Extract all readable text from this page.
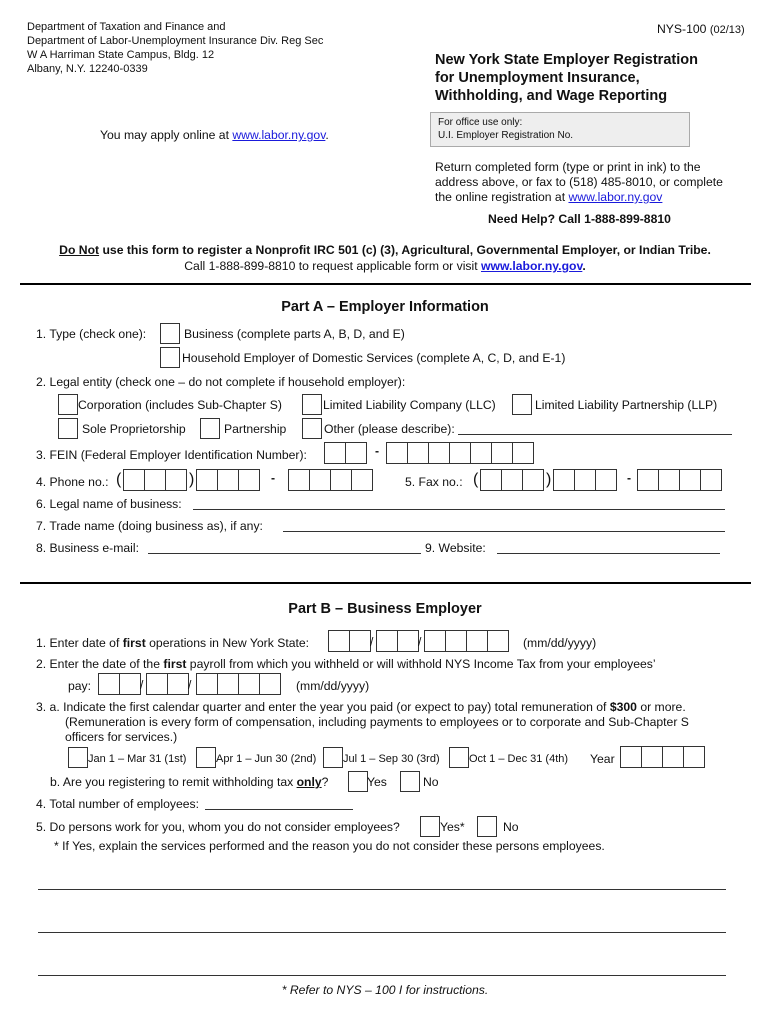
Department of Taxation and Finance and
Department of Labor-Unemployment Insurance Div. Reg Sec
W A Harriman State Campus, Bldg. 12
Albany, N.Y. 12240-0339
NYS-100 (02/13)
New York State Employer Registration
for Unemployment Insurance,
Withholding, and Wage Reporting
You may apply online at www.labor.ny.gov.
For office use only:
U.I. Employer Registration No.
Return completed form (type or print in ink) to the
address above, or fax to (518) 485-8010, or complete
the online registration at www.labor.ny.gov
Need Help? Call 1-888-899-8810
Do Not use this form to register a Nonprofit IRC 501 (c) (3), Agricultural, Governmental Employer, or Indian Tribe.
Call 1-888-899-8810 to request applicable form or visit www.labor.ny.gov.
Part A – Employer Information
1. Type (check one):	Business (complete parts A, B, D, and E)
Household Employer of Domestic Services (complete A, C, D, and E-1)
2. Legal entity (check one – do not complete if household employer):
Corporation (includes Sub-Chapter S)	Limited Liability Company (LLC)	Limited Liability Partnership (LLP)
Sole Proprietorship	Partnership	Other (please describe):
3. FEIN (Federal Employer Identification Number):	-
4. Phone no.: (	)	-	5. Fax no.: (	)	-
6. Legal name of business:
7. Trade name (doing business as), if any:
8. Business e-mail:	9. Website:
Part B – Business Employer
1. Enter date of first operations in New York State:	/	/	(mm/dd/yyyy)
2. Enter the date of the first payroll from which you withheld or will withhold NYS Income Tax from your employees’
pay:	/	/	(mm/dd/yyyy)
3. a. Indicate the first calendar quarter and enter the year you paid (or expect to pay) total remuneration of $300 or more.
(Remuneration is every form of compensation, including payments to employees or to corporate and Sub-Chapter S
officers for services.)
Jan 1 – Mar 31 (1st)	Apr 1 – Jun 30 (2nd) Jul 1 – Sep 30 (3rd)	Oct 1 – Dec 31 (4th) Year
b. Are you registering to remit withholding tax only?	Yes	No
4. Total number of employees:
5. Do persons work for you, whom you do not consider employees?	Yes*	No
* If Yes, explain the services performed and the reason you do not consider these persons employees.
* Refer to NYS – 100 I for instructions.
